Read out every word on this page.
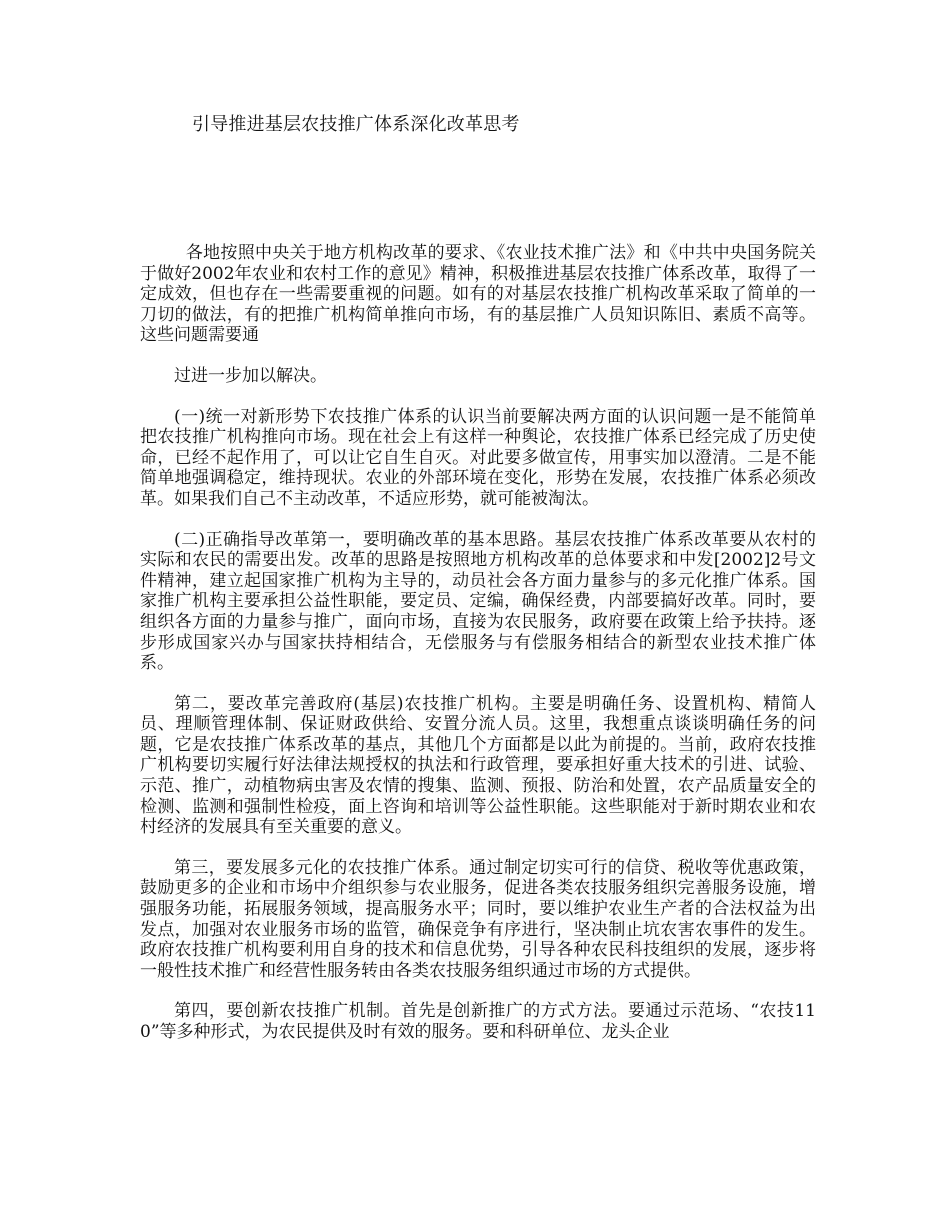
引导推进基层农技推广体系深化改革思考

各地按照中央关于地方机构改革的要求、《农业技术推广法》和《中共中央国务院关于做好2002年农业和农村工作的意见》精神，积极推进基层农技推广体系改革，取得了一定成效，但也存在一些需要重视的问题。如有的对基层农技推广机构改革采取了简单的一刀切的做法，有的把推广机构简单推向市场，有的基层推广人员知识陈旧、素质不高等。这些问题需要通

过进一步加以解决。

(一)统一对新形势下农技推广体系的认识当前要解决两方面的认识问题一是不能简单把农技推广机构推向市场。现在社会上有这样一种舆论，农技推广体系已经完成了历史使命，已经不起作用了，可以让它自生自灭。对此要多做宣传，用事实加以澄清。二是不能简单地强调稳定，维持现状。农业的外部环境在变化，形势在发展，农技推广体系必须改革。如果我们自己不主动改革，不适应形势，就可能被淘汰。

(二)正确指导改革第一，要明确改革的基本思路。基层农技推广体系改革要从农村的实际和农民的需要出发。改革的思路是按照地方机构改革的总体要求和中发[2002]2号文件精神，建立起国家推广机构为主导的，动员社会各方面力量参与的多元化推广体系。国家推广机构主要承担公益性职能，要定员、定编，确保经费，内部要搞好改革。同时，要组织各方面的力量参与推广，面向市场，直接为农民服务，政府要在政策上给予扶持。逐步形成国家兴办与国家扶持相结合，无偿服务与有偿服务相结合的新型农业技术推广体系。

第二，要改革完善政府(基层)农技推广机构。主要是明确任务、设置机构、精简人员、理顺管理体制、保证财政供给、安置分流人员。这里，我想重点谈谈明确任务的问题，它是农技推广体系改革的基点，其他几个方面都是以此为前提的。当前，政府农技推广机构要切实履行好法律法规授权的执法和行政管理，要承担好重大技术的引进、试验、示范、推广，动植物病虫害及农情的搜集、监测、预报、防治和处置，农产品质量安全的检测、监测和强制性检疫，面上咨询和培训等公益性职能。这些职能对于新时期农业和农村经济的发展具有至关重要的意义。

第三，要发展多元化的农技推广体系。通过制定切实可行的信贷、税收等优惠政策，鼓励更多的企业和市场中介组织参与农业服务，促进各类农技服务组织完善服务设施，增强服务功能，拓展服务领域，提高服务水平；同时，要以维护农业生产者的合法权益为出发点，加强对农业服务市场的监管，确保竞争有序进行，坚决制止坑农害农事件的发生。政府农技推广机构要利用自身的技术和信息优势，引导各种农民科技组织的发展，逐步将一般性技术推广和经营性服务转由各类农技服务组织通过市场的方式提供。

第四，要创新农技推广机制。首先是创新推广的方式方法。要通过示范场、“农技110”等多种形式，为农民提供及时有效的服务。要和科研单位、龙头企业
